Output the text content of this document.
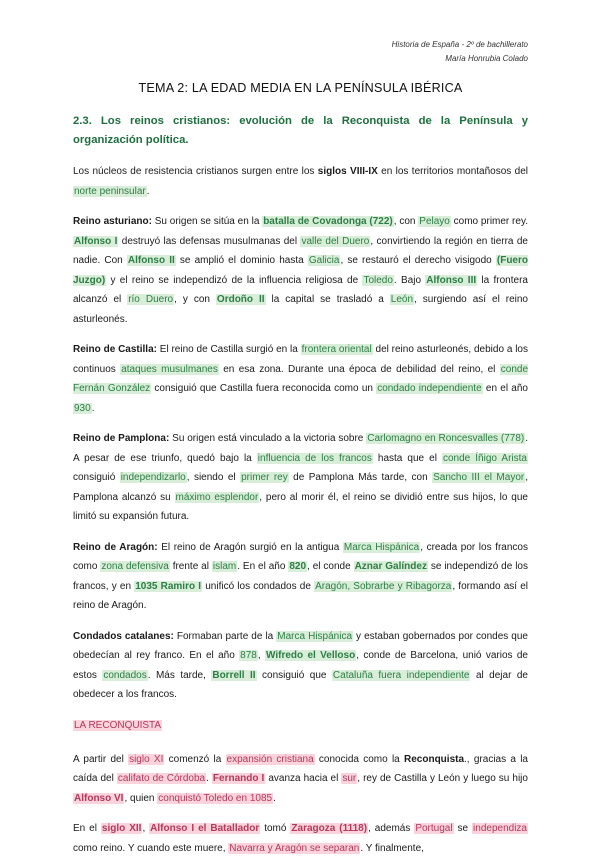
Historia de España - 2º de bachillerato
María Honrubia Colado
TEMA 2: LA EDAD MEDIA EN LA PENÍNSULA IBÉRICA
2.3. Los reinos cristianos: evolución de la Reconquista de la Península y organización política.

Los núcleos de resistencia cristianos surgen entre los siglos VIII-IX en los territorios montañosos del norte peninsular.

Reino asturiano: Su origen se sitúa en la batalla de Covadonga (722), con Pelayo como primer rey. Alfonso I destruyó las defensas musulmanas del valle del Duero, convirtiendo la región en tierra de nadie. Con Alfonso II se amplió el dominio hasta Galicia, se restauró el derecho visigodo (Fuero Juzgo) y el reino se independizó de la influencia religiosa de Toledo. Bajo Alfonso III la frontera alcanzó el río Duero, y con Ordoño II la capital se trasladó a León, surgiendo así el reino asturleonés.

Reino de Castilla: El reino de Castilla surgió en la frontera oriental del reino asturleonés, debido a los continuos ataques musulmanes en esa zona. Durante una época de debilidad del reino, el conde Fernán González consiguió que Castilla fuera reconocida como un condado independiente en el año 930.

Reino de Pamplona: Su origen está vinculado a la victoria sobre Carlomagno en Roncesvalles (778). A pesar de ese triunfo, quedó bajo la influencia de los francos hasta que el conde Íñigo Arista consiguió independizarlo, siendo el primer rey de Pamplona Más tarde, con Sancho III el Mayor, Pamplona alcanzó su máximo esplendor, pero al morir él, el reino se dividió entre sus hijos, lo que limitó su expansión futura.

Reino de Aragón: El reino de Aragón surgió en la antigua Marca Hispánica, creada por los francos como zona defensiva frente al islam. En el año 820, el conde Aznar Galíndez se independizó de los francos, y en 1035 Ramiro I unificó los condados de Aragón, Sobrarbe y Ribagorza, formando así el reino de Aragón.

Condados catalanes: Formaban parte de la Marca Hispánica y estaban gobernados por condes que obedecían al rey franco. En el año 878, Wifredo el Velloso, conde de Barcelona, unió varios de estos condados. Más tarde, Borrell II consiguió que Cataluña fuera independiente al dejar de obedecer a los francos.

LA RECONQUISTA

A partir del siglo XI comenzó la expansión cristiana conocida como la Reconquista., gracias a la caída del califato de Córdoba. Fernando I avanza hacia el sur, rey de Castilla y León y luego su hijo Alfonso VI, quien conquistó Toledo en 1085.

En el siglo XII, Alfonso I el Batallador tomó Zaragoza (1118), además Portugal se independiza como reino. Y cuando este muere, Navarra y Aragón se separan. Y finalmente,
